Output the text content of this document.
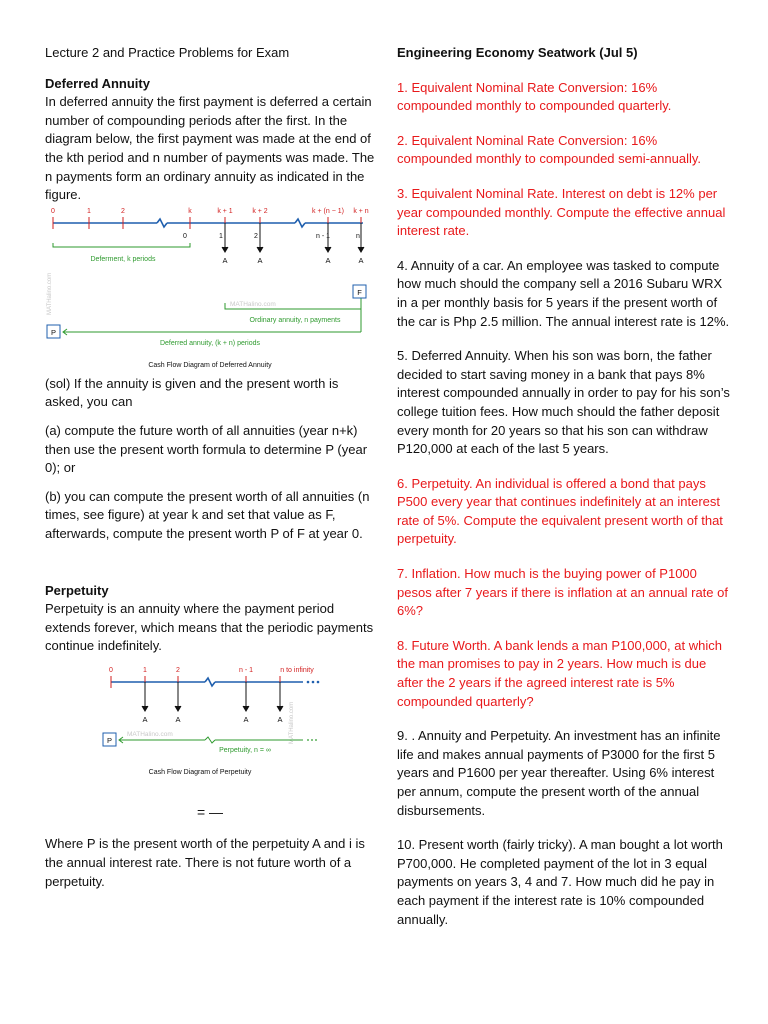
Lecture 2 and Practice Problems for Exam

Deferred Annuity

In deferred annuity the first payment is deferred a certain number of compounding periods after the first. In the diagram below, the first payment was made at the end of the kth period and n number of payments was made. The n payments form an ordinary annuity as indicated in the figure.

0	1	2	k	k + 1	k + 2	k + (n − 1) k + n
0	1	2	n - 1	n
A	A	A	A
Deferment, k periods
MATHalino.com	MATHalino.com
Ordinary annuity, n payments
F
P
Deferred annuity, (k + n) periods
Cash Flow Diagram of Deferred Annuity

(sol) If the annuity is given and the present worth is asked, you can

(a) compute the future worth of all annuities (year n+k) then use the present worth formula to determine P (year 0); or

(b) you can compute the present worth of all annuities (n times, see figure) at year k and set that value as F, afterwards, compute the present worth P of F at year 0.

Perpetuity

Perpetuity is an annuity where the payment period extends forever, which means that the periodic payments continue indefinitely.

0	1	2	n - 1	n to infinity
A	A	A	A MATHalino.com
P
MATHalino.com
Perpetuity, n = ∞
Cash Flow Diagram of Perpetuity

= —

Where P is the present worth of the perpetuity A and i is the annual interest rate. There is not future worth of a perpetuity.

Engineering Economy Seatwork (Jul 5)

1. Equivalent Nominal Rate Conversion: 16% compounded monthly to compounded quarterly.

2. Equivalent Nominal Rate Conversion: 16% compounded monthly to compounded semi-annually.

3. Equivalent Nominal Rate. Interest on debt is 12% per year compounded monthly. Compute the effective annual interest rate.

4. Annuity of a car. An employee was tasked to compute how much should the company sell a 2016 Subaru WRX in a per monthly basis for 5 years if the present worth of the car is Php 2.5 million. The annual interest rate is 12%.

5. Deferred Annuity. When his son was born, the father decided to start saving money in a bank that pays 8% interest compounded annually in order to pay for his son’s college tuition fees. How much should the father deposit every month for 20 years so that his son can withdraw P120,000 at each of the last 5 years.

6. Perpetuity. An individual is offered a bond that pays P500 every year that continues indefinitely at an interest rate of 5%. Compute the equivalent present worth of that perpetuity.

7. Inflation. How much is the buying power of P1000 pesos after 7 years if there is inflation at an annual rate of 6%?

8. Future Worth. A bank lends a man P100,000, at which the man promises to pay in 2 years. How much is due after the 2 years if the agreed interest rate is 5% compounded quarterly?

9. . Annuity and Perpetuity. An investment has an infinite life and makes annual payments of P3000 for the first 5 years and P1600 per year thereafter. Using 6% interest per annum, compute the present worth of the annual disbursements.

10. Present worth (fairly tricky). A man bought a lot worth P700,000. He completed payment of the lot in 3 equal payments on years 3, 4 and 7. How much did he pay in each payment if the interest rate is 10% compounded annually.
